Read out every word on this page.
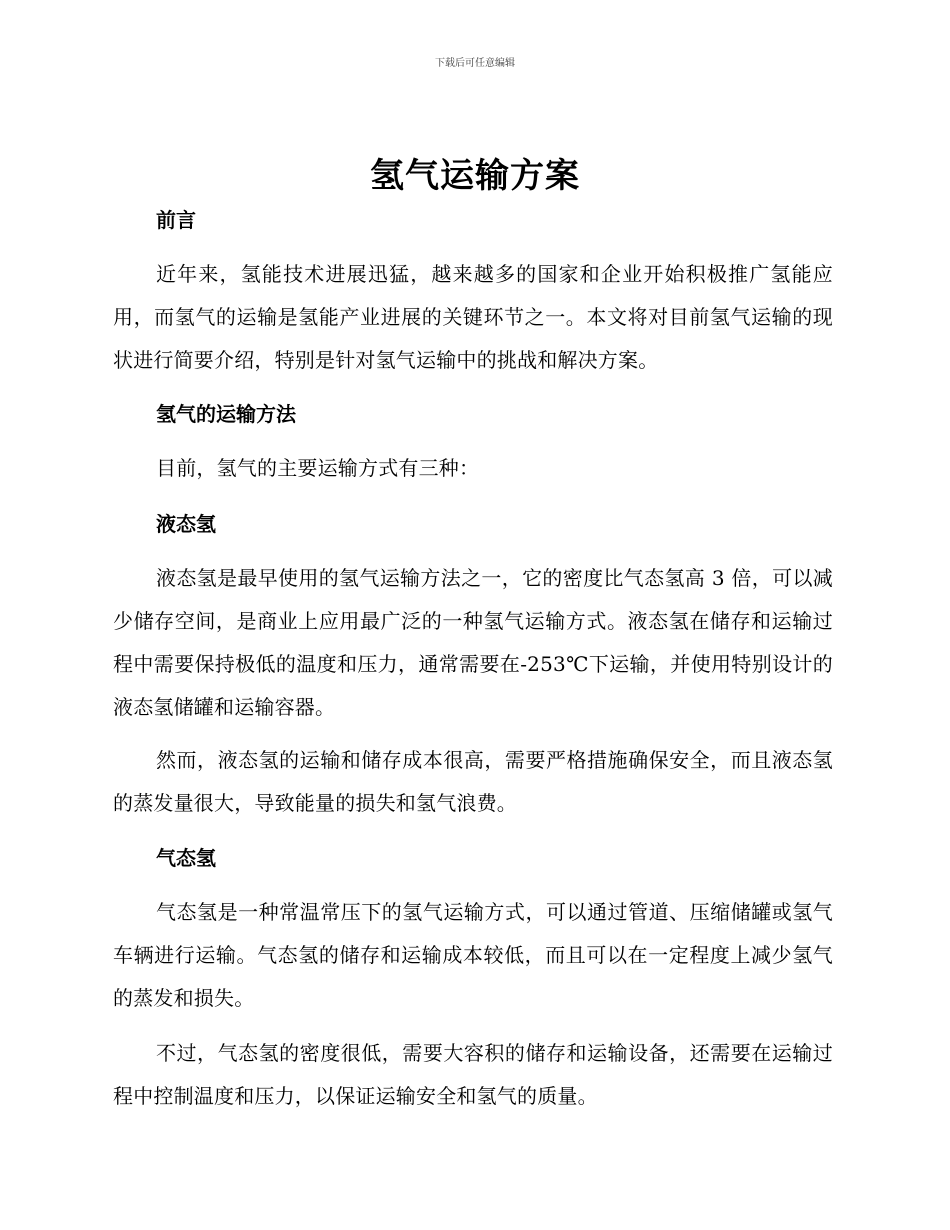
下载后可任意编辑
氢气运输方案
前言

近年来，氢能技术进展迅猛，越来越多的国家和企业开始积极推广氢能应用，而氢气的运输是氢能产业进展的关键环节之一。本文将对目前氢气运输的现状进行简要介绍，特别是针对氢气运输中的挑战和解决方案。

氢气的运输方法

目前，氢气的主要运输方式有三种：

液态氢

液态氢是最早使用的氢气运输方法之一，它的密度比气态氢高 3 倍，可以减少储存空间，是商业上应用最广泛的一种氢气运输方式。液态氢在储存和运输过程中需要保持极低的温度和压力，通常需要在-253℃下运输，并使用特别设计的液态氢储罐和运输容器。

然而，液态氢的运输和储存成本很高，需要严格措施确保安全，而且液态氢的蒸发量很大，导致能量的损失和氢气浪费。

气态氢

气态氢是一种常温常压下的氢气运输方式，可以通过管道、压缩储罐或氢气车辆进行运输。气态氢的储存和运输成本较低，而且可以在一定程度上减少氢气的蒸发和损失。

不过，气态氢的密度很低，需要大容积的储存和运输设备，还需要在运输过程中控制温度和压力，以保证运输安全和氢气的质量。
